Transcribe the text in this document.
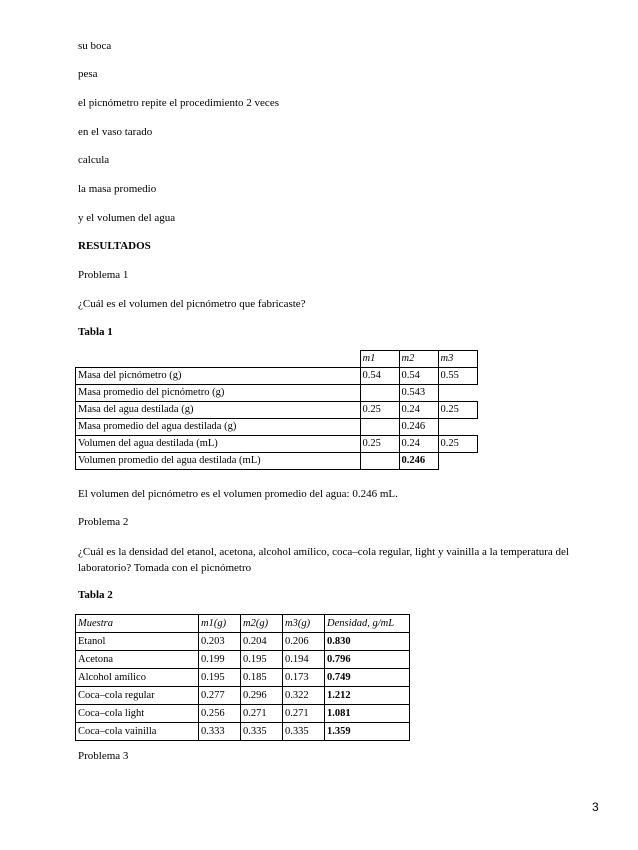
su boca
pesa
el picnómetro repite el procedimiento 2 veces
en el vaso tarado
calcula
la masa promedio
y el volumen del agua
RESULTADOS
Problema 1
¿Cuál es el volumen del picnómetro que fabricaste?
Tabla 1
	m1	m2	m3
Masa del picnómetro (g)	0.54	0.54	0.55
Masa promedio del picnómetro (g)		0.543	
Masa del agua destilada (g)	0.25	0.24	0.25
Masa promedio del agua destilada (g)		0.246	
Volumen del agua destilada (mL)	0.25	0.24	0.25
Volumen promedio del agua destilada (mL)		0.246	
El volumen del picnómetro es el volumen promedio del agua: 0.246 mL.
Problema 2
¿Cuál es la densidad del etanol, acetona, alcohol amílico, coca–cola regular, light y vainilla a la temperatura del laboratorio? Tomada con el picnómetro
Tabla 2
Muestra	m1(g)	m2(g)	m3(g)	Densidad, g/mL
Etanol	0.203	0.204	0.206	0.830
Acetona	0.199	0.195	0.194	0.796
Alcohol amílico	0.195	0.185	0.173	0.749
Coca–cola regular	0.277	0.296	0.322	1.212
Coca–cola light	0.256	0.271	0.271	1.081
Coca–cola vainilla	0.333	0.335	0.335	1.359
Problema 3
3
